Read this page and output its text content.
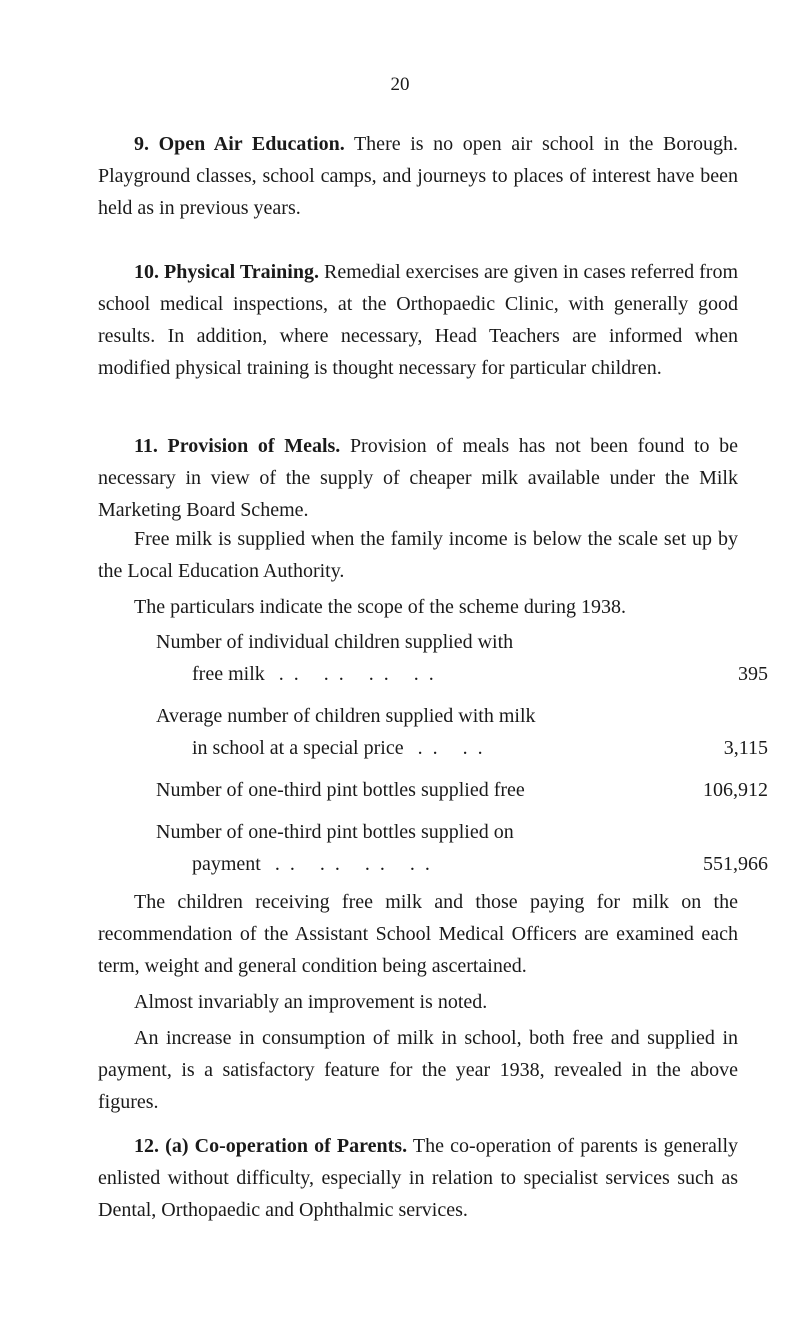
20
9. Open Air Education. There is no open air school in the Borough. Playground classes, school camps, and journeys to places of interest have been held as in previous years.
10. Physical Training. Remedial exercises are given in cases referred from school medical inspections, at the Orthopaedic Clinic, with generally good results. In addition, where necessary, Head Teachers are informed when modified physical training is thought necessary for particular children.
11. Provision of Meals. Provision of meals has not been found to be necessary in view of the supply of cheaper milk available under the Milk Marketing Board Scheme.
Free milk is supplied when the family income is below the scale set up by the Local Education Authority.
The particulars indicate the scope of the scheme during 1938.
Number of individual children supplied with
free milk .. .. .. ..	395
Average number of children supplied with milk
in school at a special price .. ..	3,115
Number of one-third pint bottles supplied free	106,912
Number of one-third pint bottles supplied on
payment .. .. .. ..	551,966
The children receiving free milk and those paying for milk on the recommendation of the Assistant School Medical Officers are examined each term, weight and general condition being ascertained.
Almost invariably an improvement is noted.
An increase in consumption of milk in school, both free and supplied in payment, is a satisfactory feature for the year 1938, revealed in the above figures.
12. (a) Co-operation of Parents. The co-operation of parents is generally enlisted without difficulty, especially in relation to specialist services such as Dental, Orthopaedic and Ophthalmic services.
